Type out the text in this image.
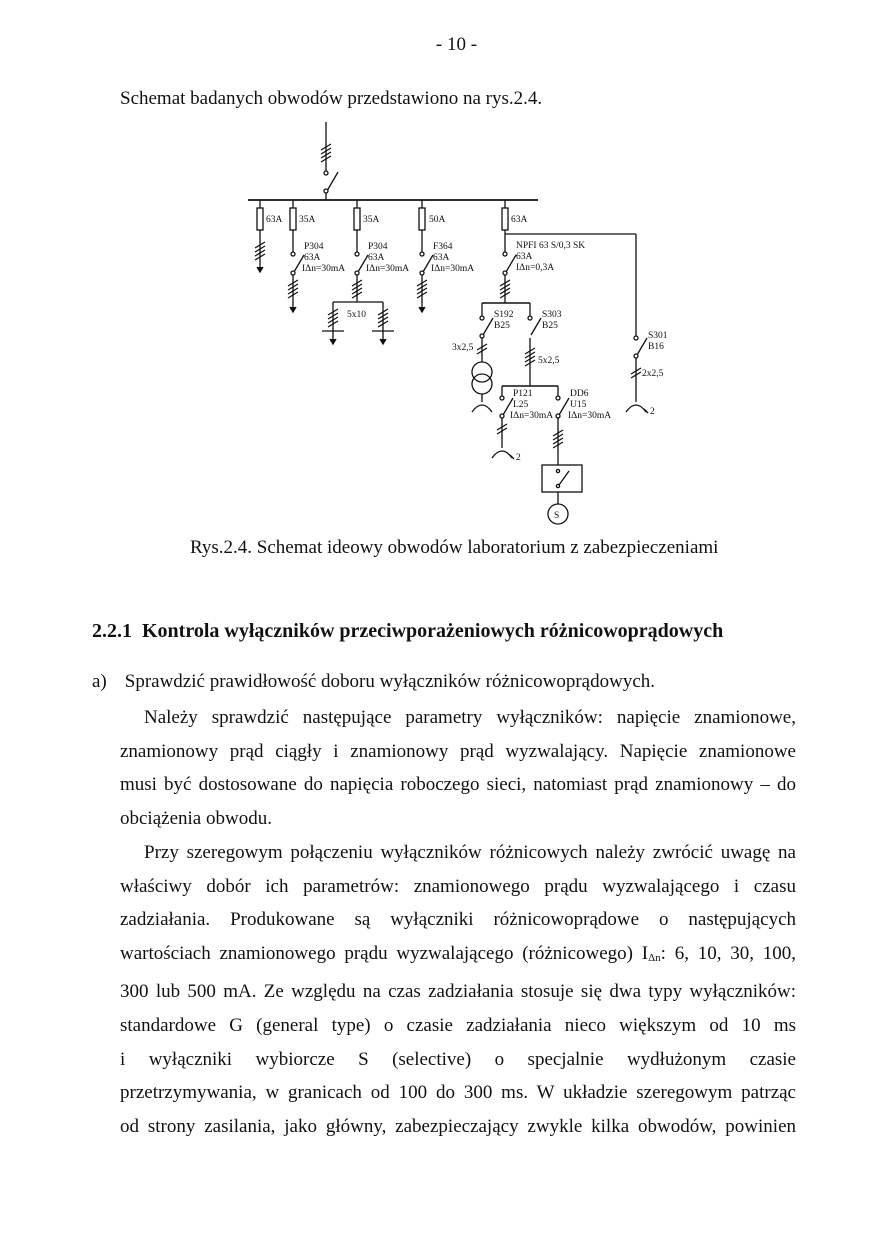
- 10 -
Schemat badanych obwodów przedstawiono na rys.2.4.
63A 35A
P304
63A
IΔn=30mA
5x10
35A
P304
63A
IΔn=30mA
50A
F364
63A
IΔn=30mA
63A
NPFI 63 S/0,3 SK
63A
IΔn=0,3A
S192
B25
3x2,5
S303
B25
5x2,5
2
P121
L25
IΔn=30mA
S
DD6
U15
IΔn=30mA	2
S301
B16
2x2,5
Rys.2.4. Schemat ideowy obwodów laboratorium z zabezpieczeniami
2.2.1 Kontrola wyłączników przeciwporażeniowych różnicowoprądowych
a) Sprawdzić prawidłowość doboru wyłączników różnicowoprądowych.
Należy sprawdzić następujące parametry wyłączników: napięcie znamionowe,
znamionowy prąd ciągły i znamionowy prąd wyzwalający. Napięcie znamionowe
musi być dostosowane do napięcia roboczego sieci, natomiast prąd znamionowy – do
obciążenia obwodu.
Przy szeregowym połączeniu wyłączników różnicowych należy zwrócić uwagę na
właściwy dobór ich parametrów: znamionowego prądu wyzwalającego i czasu
zadziałania. Produkowane są wyłączniki różnicowoprądowe o następujących
wartościach znamionowego prądu wyzwalającego (różnicowego) $I_{\Delta n}$: 6, 10, 30, 100,
300 lub 500 mA. Ze względu na czas zadziałania stosuje się dwa typy wyłączników:
standardowe G (general type) o czasie zadziałania nieco większym od 10 ms
i wyłączniki wybiorcze S (selective) o specjalnie wydłużonym czasie
przetrzymywania, w granicach od 100 do 300 ms. W układzie szeregowym patrząc
od strony zasilania, jako główny, zabezpieczający zwykle kilka obwodów, powinien
